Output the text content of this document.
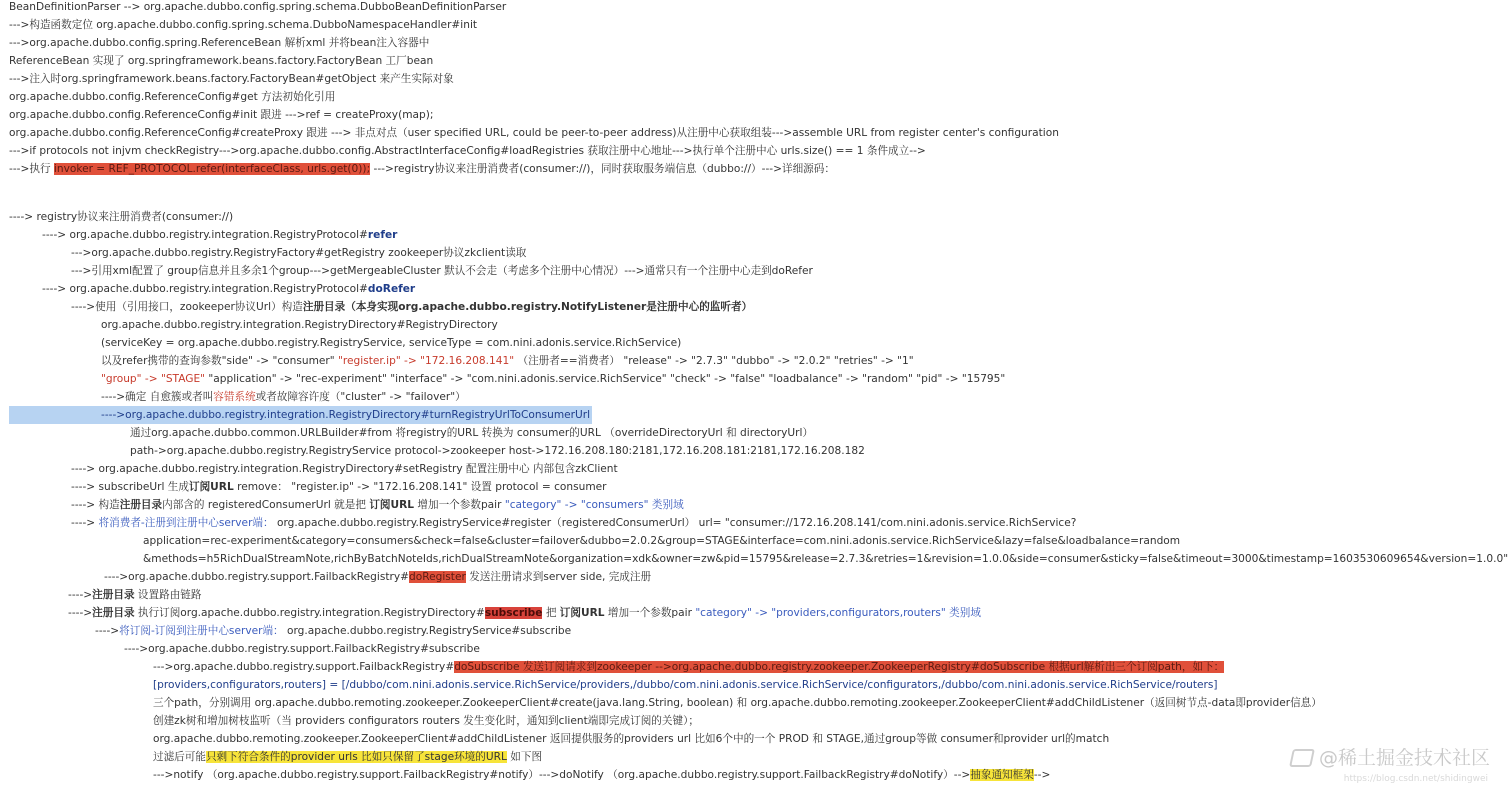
BeanDefinitionParser --> org.apache.dubbo.config.spring.schema.DubboBeanDefinitionParser
--->构造函数定位 org.apache.dubbo.config.spring.schema.DubboNamespaceHandler#init
--->org.apache.dubbo.config.spring.ReferenceBean 解析xml 并将bean注入容器中
ReferenceBean 实现了 org.springframework.beans.factory.FactoryBean 工厂bean
--->注入时org.springframework.beans.factory.FactoryBean#getObject 来产生实际对象
org.apache.dubbo.config.ReferenceConfig#get 方法初始化引用
org.apache.dubbo.config.ReferenceConfig#init 跟进 --->ref = createProxy(map);
org.apache.dubbo.config.ReferenceConfig#createProxy 跟进 ---> 非点对点（user specified URL, could be peer-to-peer address)从注册中心获取组装--->assemble URL from register center's configuration
--->if protocols not injvm checkRegistry--->org.apache.dubbo.config.AbstractInterfaceConfig#loadRegistries 获取注册中心地址--->执行单个注册中心 urls.size() == 1 条件成立-->
--->执行 invoker = REF_PROTOCOL.refer(interfaceClass, urls.get(0)); --->registry协议来注册消费者(consumer://)，同时获取服务端信息（dubbo://）--->详细源码：
----> registry协议来注册消费者(consumer://)
----> org.apache.dubbo.registry.integration.RegistryProtocol#refer
--->org.apache.dubbo.registry.RegistryFactory#getRegistry zookeeper协议zkclient读取
--->引用xml配置了 group信息并且多余1个group--->getMergeableCluster 默认不会走（考虑多个注册中心情况）--->通常只有一个注册中心走到doRefer
----> org.apache.dubbo.registry.integration.RegistryProtocol#doRefer
---->使用（引用接口，zookeeper协议Url）构造注册目录（本身实现org.apache.dubbo.registry.NotifyListener是注册中心的监听者）
org.apache.dubbo.registry.integration.RegistryDirectory#RegistryDirectory
(serviceKey = org.apache.dubbo.registry.RegistryService, serviceType = com.nini.adonis.service.RichService)
以及refer携带的查询参数"side" -> "consumer" "register.ip" -> "172.16.208.141" （注册者==消费者） "release" -> "2.7.3" "dubbo" -> "2.0.2" "retries" -> "1"
"group" -> "STAGE" "application" -> "rec-experiment" "interface" -> "com.nini.adonis.service.RichService" "check" -> "false" "loadbalance" -> "random" "pid" -> "15795"
---->确定 自愈簇或者叫容错系统或者故障容许度（"cluster" -> "failover"）
---->org.apache.dubbo.registry.integration.RegistryDirectory#turnRegistryUrlToConsumerUrl
通过org.apache.dubbo.common.URLBuilder#from 将registry的URL 转换为 consumer的URL （overrideDirectoryUrl 和 directoryUrl）
path->org.apache.dubbo.registry.RegistryService protocol->zookeeper host->172.16.208.180:2181,172.16.208.181:2181,172.16.208.182
----> org.apache.dubbo.registry.integration.RegistryDirectory#setRegistry 配置注册中心 内部包含zkClient
----> subscribeUrl 生成订阅URL remove： "register.ip" -> "172.16.208.141" 设置 protocol = consumer
----> 构造注册目录内部含的 registeredConsumerUrl 就是把 订阅URL 增加一个参数pair "category" -> "consumers" 类别域
----> 将消费者-注册到注册中心server端： org.apache.dubbo.registry.RegistryService#register（registeredConsumerUrl） url= "consumer://172.16.208.141/com.nini.adonis.service.RichService?
application=rec-experiment&category=consumers&check=false&cluster=failover&dubbo=2.0.2&group=STAGE&interface=com.nini.adonis.service.RichService&lazy=false&loadbalance=random
&methods=h5RichDualStreamNote,richByBatchNoteIds,richDualStreamNote&organization=xdk&owner=zw&pid=15795&release=2.7.3&retries=1&revision=1.0.0&side=consumer&sticky=false&timeout=3000&timestamp=1603530609654&version=1.0.0"
---->org.apache.dubbo.registry.support.FailbackRegistry#doRegister 发送注册请求到server side, 完成注册
---->注册目录 设置路由链路
---->注册目录 执行订阅org.apache.dubbo.registry.integration.RegistryDirectory#subscribe 把 订阅URL 增加一个参数pair "category" -> "providers,configurators,routers" 类别域
---->将订阅-订阅到注册中心server端： org.apache.dubbo.registry.RegistryService#subscribe
---->org.apache.dubbo.registry.support.FailbackRegistry#subscribe
--->org.apache.dubbo.registry.support.FailbackRegistry#doSubscribe 发送订阅请求到zookeeper -->org.apache.dubbo.registry.zookeeper.ZookeeperRegistry#doSubscribe 根据url解析出三个订阅path，如下：
[providers,configurators,routers] = [/dubbo/com.nini.adonis.service.RichService/providers,/dubbo/com.nini.adonis.service.RichService/configurators,/dubbo/com.nini.adonis.service.RichService/routers]
三个path，分别调用 org.apache.dubbo.remoting.zookeeper.ZookeeperClient#create(java.lang.String, boolean) 和 org.apache.dubbo.remoting.zookeeper.ZookeeperClient#addChildListener（返回树节点-data即provider信息）
创建zk树和增加树枝监听（当 providers configurators routers 发生变化时，通知到client端即完成订阅的关键）；
org.apache.dubbo.remoting.zookeeper.ZookeeperClient#addChildListener 返回提供服务的providers url 比如6个中的一个 PROD 和 STAGE,通过group等做 consumer和provider url的match
过滤后可能只剩下符合条件的provider urls 比如只保留了stage环境的URL 如下图
--->notify （org.apache.dubbo.registry.support.FailbackRegistry#notify）--->doNotify （org.apache.dubbo.registry.support.FailbackRegistry#doNotify）-->抽象通知框架-->
@稀土掘金技术社区
https://blog.csdn.net/shidingwei
